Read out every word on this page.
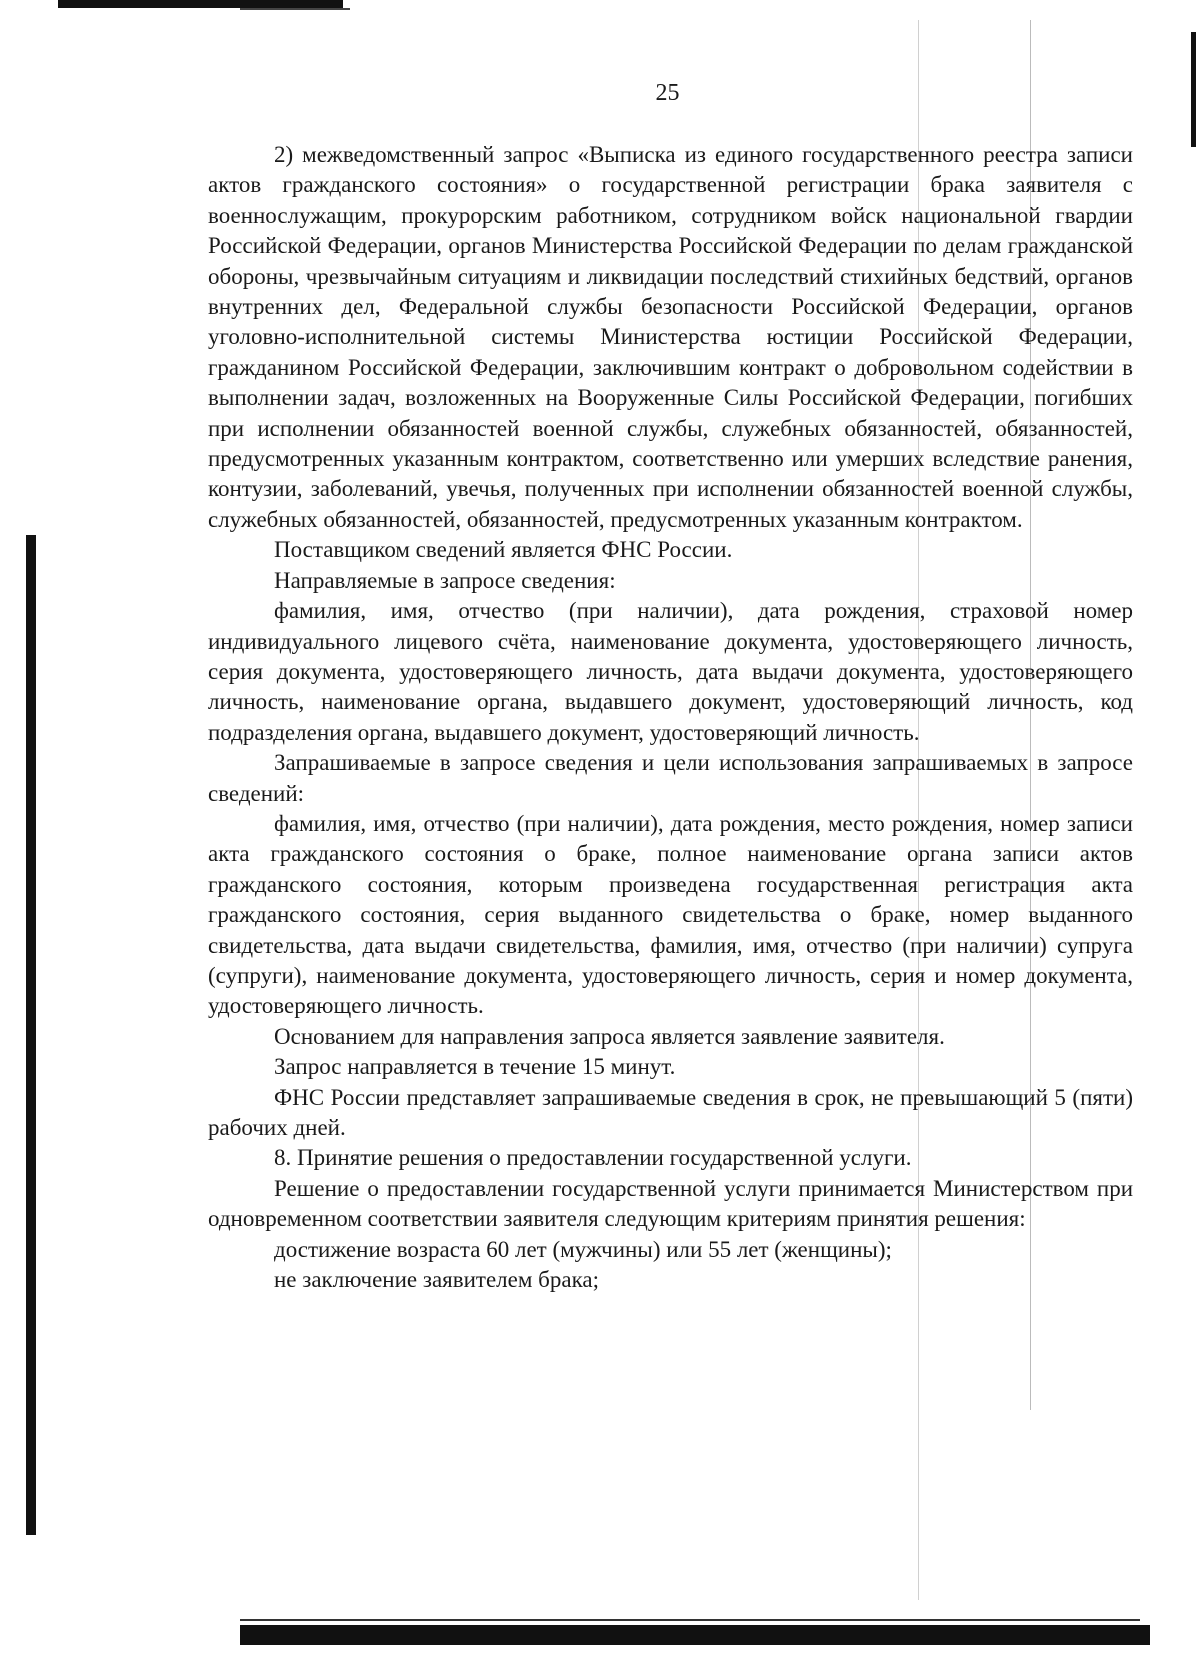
25

2) межведомственный запрос «Выписка из единого государственного реестра записи актов гражданского состояния» о государственной регистрации брака заявителя с военнослужащим, прокурорским работником, сотрудником войск национальной гвардии Российской Федерации, органов Министерства Российской Федерации по делам гражданской обороны, чрезвычайным ситуациям и ликвидации последствий стихийных бедствий, органов внутренних дел, Федеральной службы безопасности Российской Федерации, органов уголовно-исполнительной системы Министерства юстиции Российской Федерации, гражданином Российской Федерации, заключившим контракт о добровольном содействии в выполнении задач, возложенных на Вооруженные Силы Российской Федерации, погибших при исполнении обязанностей военной службы, служебных обязанностей, обязанностей, предусмотренных указанным контрактом, соответственно или умерших вследствие ранения, контузии, заболеваний, увечья, полученных при исполнении обязанностей военной службы, служебных обязанностей, обязанностей, предусмотренных указанным контрактом.

Поставщиком сведений является ФНС России.

Направляемые в запросе сведения:

фамилия, имя, отчество (при наличии), дата рождения, страховой номер индивидуального лицевого счёта, наименование документа, удостоверяющего личность, серия документа, удостоверяющего личность, дата выдачи документа, удостоверяющего личность, наименование органа, выдавшего документ, удостоверяющий личность, код подразделения органа, выдавшего документ, удостоверяющий личность.

Запрашиваемые в запросе сведения и цели использования запрашиваемых в запросе сведений:

фамилия, имя, отчество (при наличии), дата рождения, место рождения, номер записи акта гражданского состояния о браке, полное наименование органа записи актов гражданского состояния, которым произведена государственная регистрация акта гражданского состояния, серия выданного свидетельства о браке, номер выданного свидетельства, дата выдачи свидетельства, фамилия, имя, отчество (при наличии) супруга (супруги), наименование документа, удостоверяющего личность, серия и номер документа, удостоверяющего личность.

Основанием для направления запроса является заявление заявителя.

Запрос направляется в течение 15 минут.

ФНС России представляет запрашиваемые сведения в срок, не превышающий 5 (пяти) рабочих дней.

8. Принятие решения о предоставлении государственной услуги.

Решение о предоставлении государственной услуги принимается Министерством при одновременном соответствии заявителя следующим критериям принятия решения:

достижение возраста 60 лет (мужчины) или 55 лет (женщины);

не заключение заявителем брака;
